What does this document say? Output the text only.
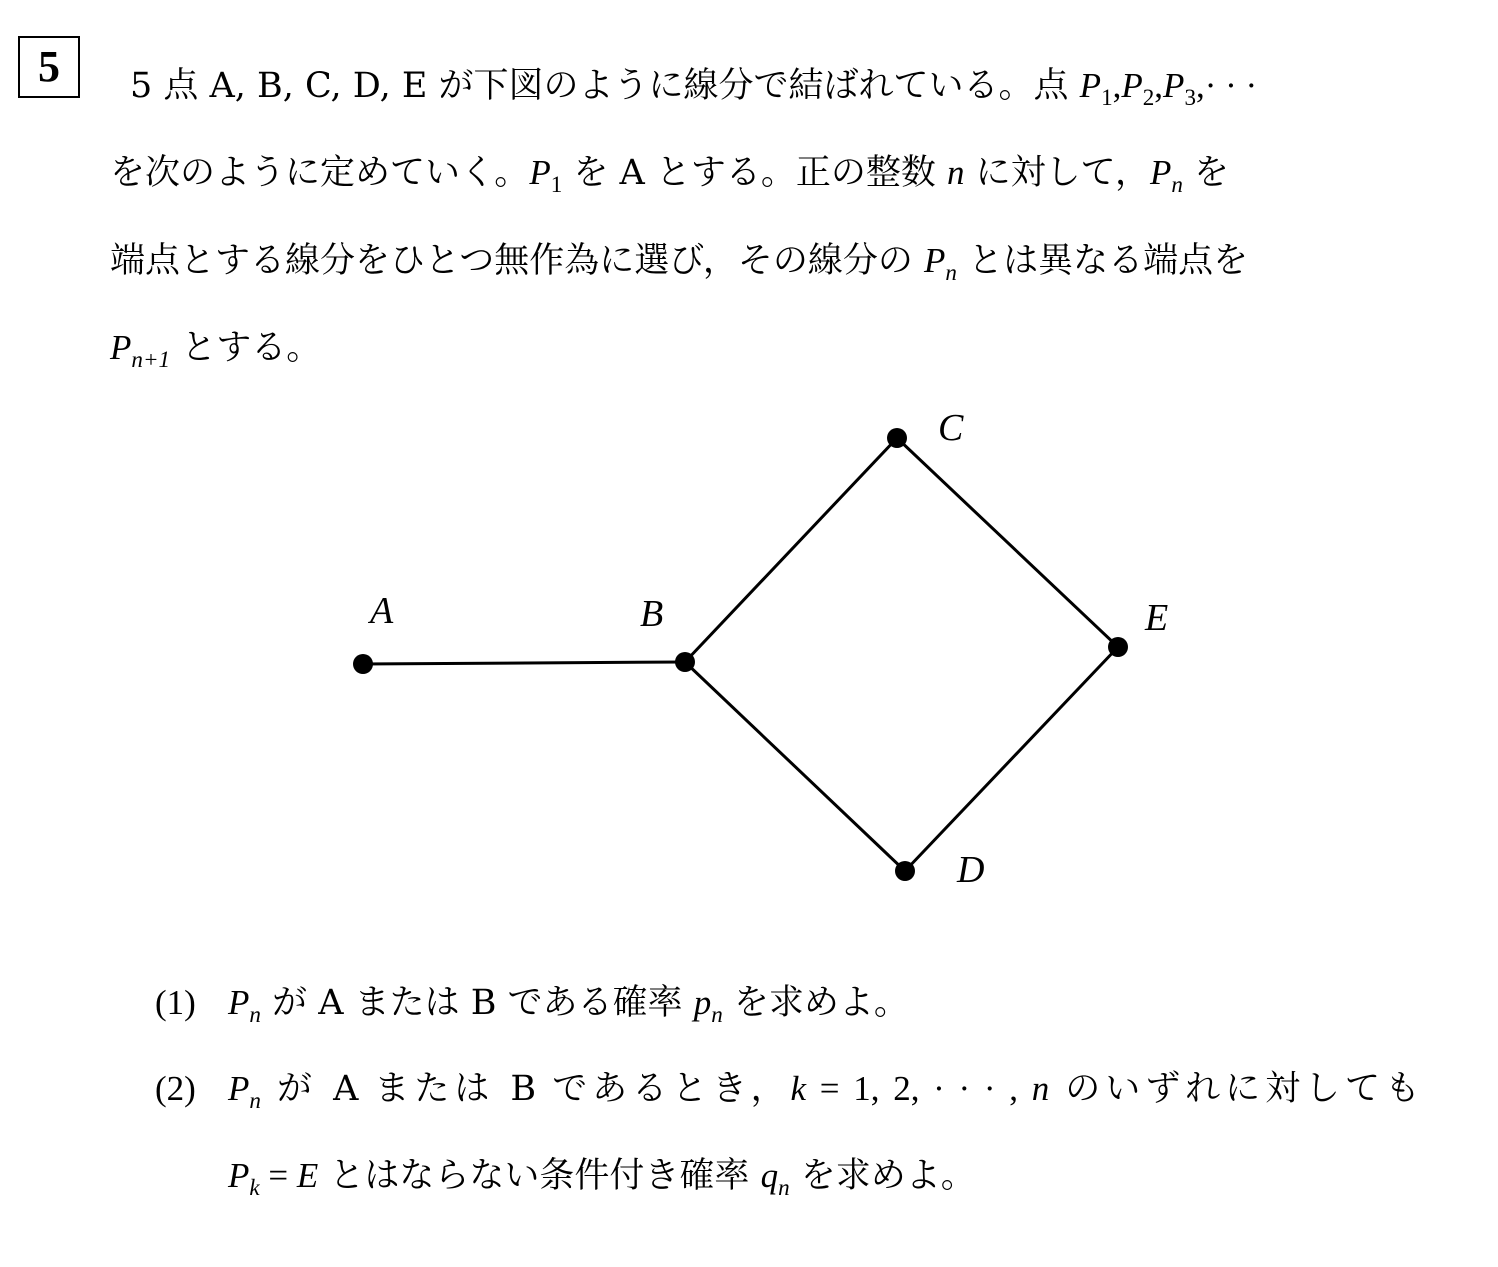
5	5 点 A, B, C, D, E が下図のように線分で結ばれている。点 $P_1,P_2,P_3,\cdot$ · ·
を次のように定めていく。$P_1$ を A とする。正の整数 n に対して，$P_n$ を
端点とする線分をひとつ無作為に選び，その線分の $P_n$ とは異なる端点を
$P_{n+1}$ とする。
A	B
C
D
E
(1) $P_n$ が A または B である確率 $p_n$ を求めよ。
(2) $P_n$ が A または B であるとき，k = 1, 2, · · · , n のいずれに対しても
$P_k = E$ とはならない条件付き確率 $q_n$ を求めよ。
